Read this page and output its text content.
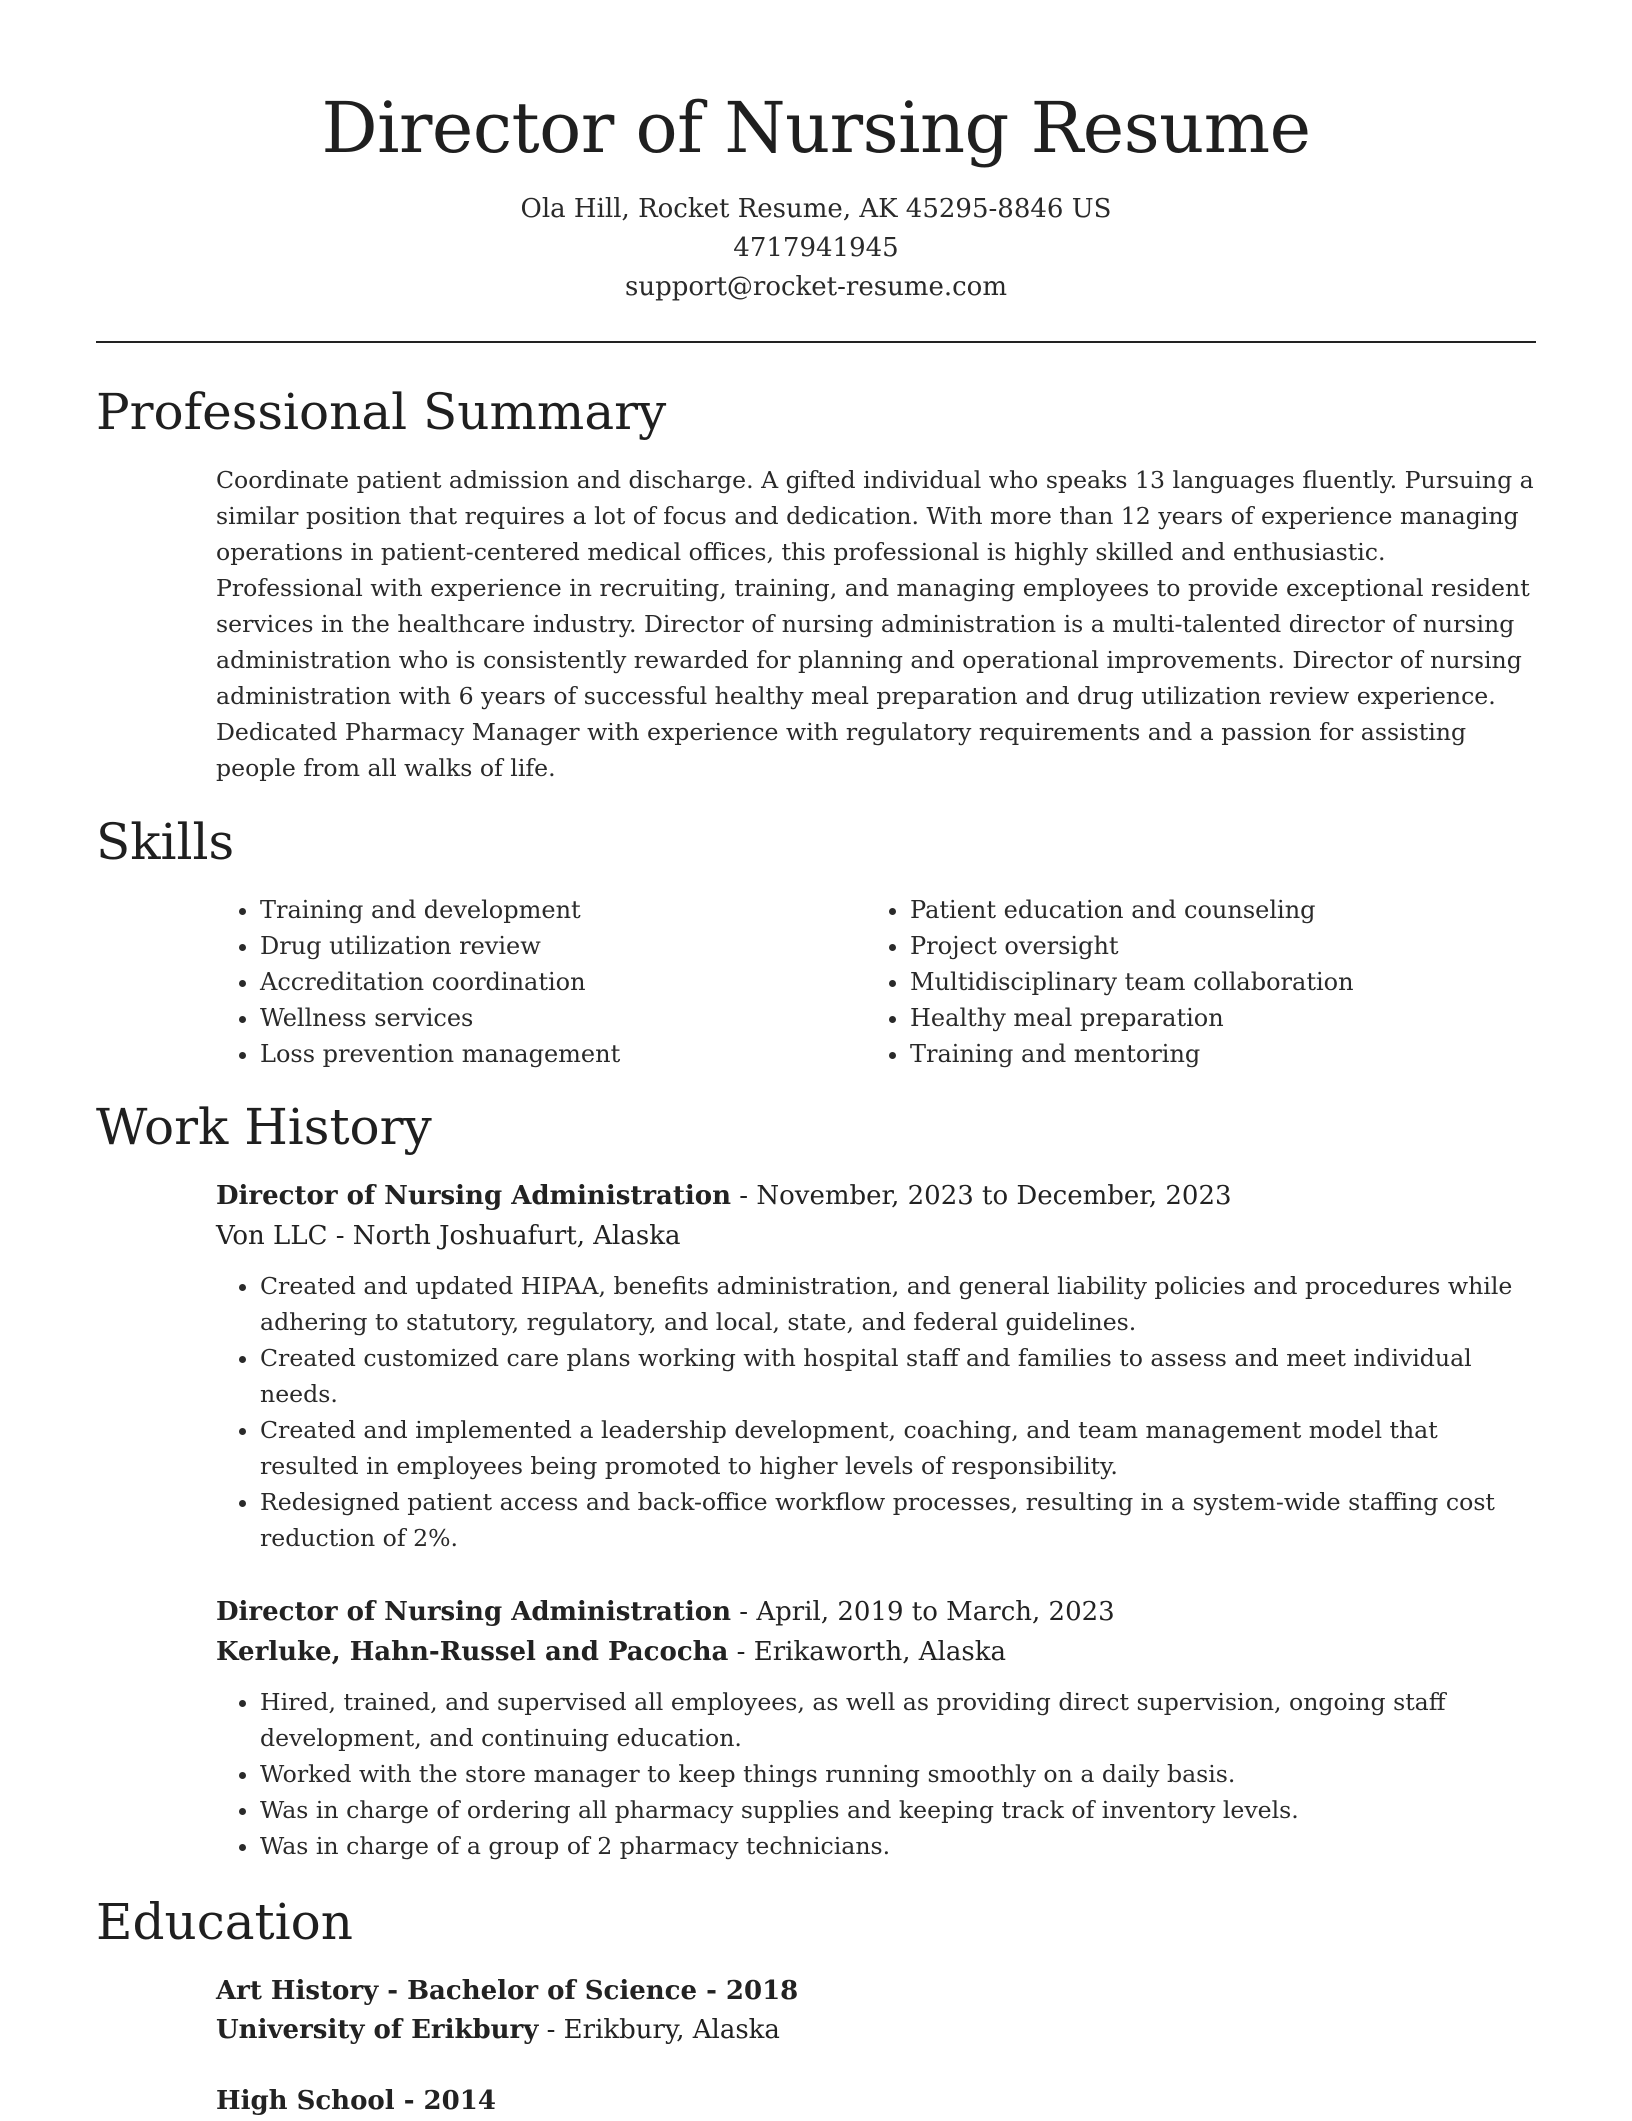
Director of Nursing Resume
Ola Hill, Rocket Resume, AK 45295-8846 US
4717941945
support@rocket-resume.com
Professional Summary

Coordinate patient admission and discharge. A gifted individual who speaks 13 languages fluently. Pursuing a similar position that requires a lot of focus and dedication. With more than 12 years of experience managing operations in patient-centered medical offices, this professional is highly skilled and enthusiastic. Professional with experience in recruiting, training, and managing employees to provide exceptional resident services in the healthcare industry. Director of nursing administration is a multi-talented director of nursing administration who is consistently rewarded for planning and operational improvements. Director of nursing administration with 6 years of successful healthy meal preparation and drug utilization review experience. Dedicated Pharmacy Manager with experience with regulatory requirements and a passion for assisting people from all walks of life.

Skills
• Training and development
• Drug utilization review
• Accreditation coordination
• Wellness services
• Loss prevention management
• Patient education and counseling
• Project oversight
• Multidisciplinary team collaboration
• Healthy meal preparation
• Training and mentoring
Work History
Director of Nursing Administration - November, 2023 to December, 2023
Von LLC - North Joshuafurt, Alaska
• Created and updated HIPAA, benefits administration, and general liability policies and procedures while adhering to statutory, regulatory, and local, state, and federal guidelines.
• Created customized care plans working with hospital staff and families to assess and meet individual needs.
• Created and implemented a leadership development, coaching, and team management model that resulted in employees being promoted to higher levels of responsibility.
• Redesigned patient access and back-office workflow processes, resulting in a system-wide staffing cost reduction of 2%.
Director of Nursing Administration - April, 2019 to March, 2023
Kerluke, Hahn-Russel and Pacocha - Erikaworth, Alaska
• Hired, trained, and supervised all employees, as well as providing direct supervision, ongoing staff development, and continuing education.
• Worked with the store manager to keep things running smoothly on a daily basis.
• Was in charge of ordering all pharmacy supplies and keeping track of inventory levels.
• Was in charge of a group of 2 pharmacy technicians.
Education
Art History - Bachelor of Science - 2018
University of Erikbury - Erikbury, Alaska
High School - 2014
